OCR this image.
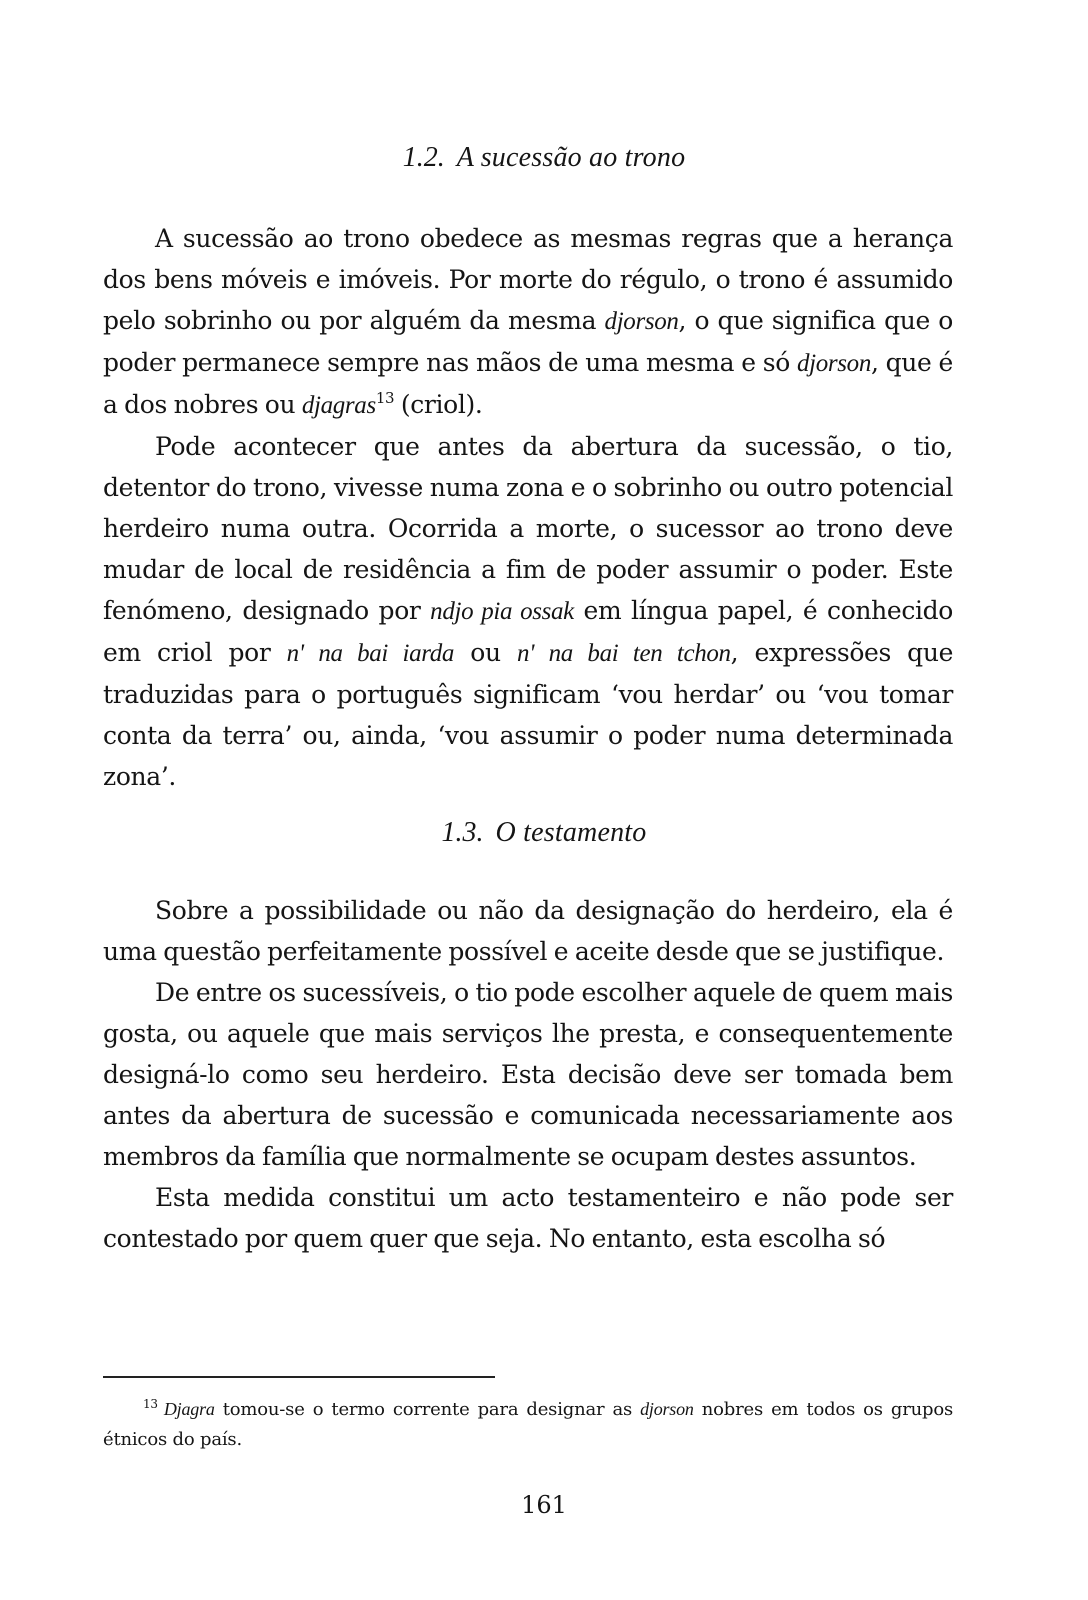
1.2. A sucessão ao trono

A sucessão ao trono obedece as mesmas regras que a herança dos bens móveis e imóveis. Por morte do régulo, o trono é assumido pelo sobrinho ou por alguém da mesma djorson, o que significa que o poder permanece sempre nas mãos de uma mesma e só djorson, que é a dos nobres ou djagras$^{13}$ (criol).

Pode acontecer que antes da abertura da sucessão, o tio, detentor do trono, vivesse numa zona e o sobrinho ou outro potencial herdeiro numa outra. Ocorrida a morte, o sucessor ao trono deve mudar de local de residência a fim de poder assumir o poder. Este fenómeno, designado por ndjo pia ossak em língua papel, é conhecido em criol por n' na bai iarda ou n' na bai ten tchon, expressões que traduzidas para o português significam ‘vou herdar’ ou ‘vou tomar conta da terra’ ou, ainda, ‘vou assumir o poder numa determinada zona’.

1.3. O testamento

Sobre a possibilidade ou não da designação do herdeiro, ela é uma questão perfeitamente possível e aceite desde que se justifique.

De entre os sucessíveis, o tio pode escolher aquele de quem mais gosta, ou aquele que mais serviços lhe presta, e consequentemente designá-lo como seu herdeiro. Esta decisão deve ser tomada bem antes da abertura de sucessão e comunicada necessariamente aos membros da família que normalmente se ocupam destes assuntos.

Esta medida constitui um acto testamenteiro e não pode ser contestado por quem quer que seja. No entanto, esta escolha só

$^{13}$ Djagra tomou-se o termo corrente para designar as djorson nobres em todos os grupos étnicos do país.

161
